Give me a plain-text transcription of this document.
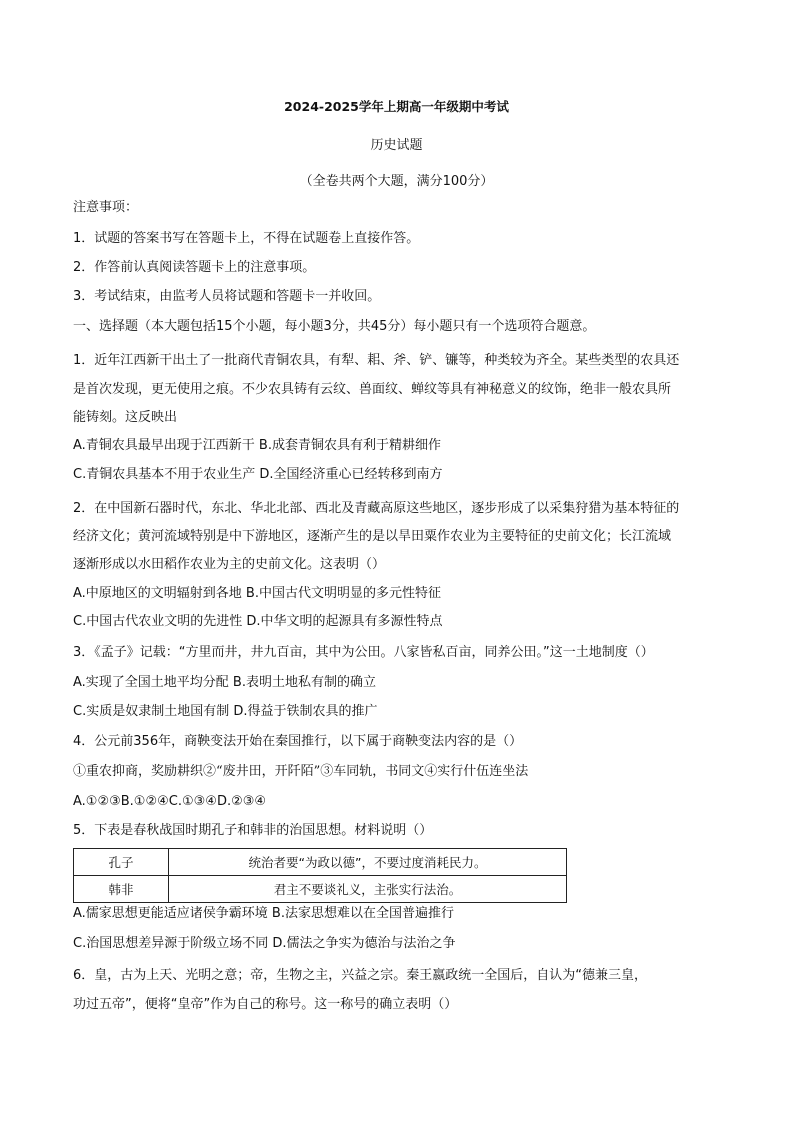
2024-2025学年上期高一年级期中考试
历史试题
（全卷共两个大题，满分100分）
注意事项：
1．试题的答案书写在答题卡上，不得在试题卷上直接作答。
2．作答前认真阅读答题卡上的注意事项。
3．考试结束，由监考人员将试题和答题卡一并收回。
一、选择题（本大题包括15个小题，每小题3分，共45分）每小题只有一个选项符合题意。
1．近年江西新干出土了一批商代青铜农具，有犁、耜、斧、铲、镰等，种类较为齐全。某些类型的农具还
是首次发现，更无使用之痕。不少农具铸有云纹、兽面纹、蝉纹等具有神秘意义的纹饰，绝非一般农具所
能铸刻。这反映出
A.青铜农具最早出现于江西新干 B.成套青铜农具有利于精耕细作
C.青铜农具基本不用于农业生产 D.全国经济重心已经转移到南方
2．在中国新石器时代，东北、华北北部、西北及青藏高原这些地区，逐步形成了以采集狩猎为基本特征的
经济文化；黄河流域特别是中下游地区，逐渐产生的是以旱田粟作农业为主要特征的史前文化；长江流域
逐渐形成以水田稻作农业为主的史前文化。这表明（）
A.中原地区的文明辐射到各地 B.中国古代文明明显的多元性特征
C.中国古代农业文明的先进性 D.中华文明的起源具有多源性特点
3．《孟子》记载：“方里而井，井九百亩，其中为公田。八家皆私百亩，同养公田。”这一土地制度（）
A.实现了全国土地平均分配 B.表明土地私有制的确立
C.实质是奴隶制土地国有制 D.得益于铁制农具的推广
4．公元前356年，商鞅变法开始在秦国推行，以下属于商鞅变法内容的是（）
①重农抑商，奖励耕织②“废井田，开阡陌”③车同轨，书同文④实行什伍连坐法
A.①②③B.①②④C.①③④D.②③④
5．下表是春秋战国时期孔子和韩非的治国思想。材料说明（）
孔子	统治者要“为政以德”，不要过度消耗民力。
韩非	君主不要谈礼义，主张实行法治。
A.儒家思想更能适应诸侯争霸环境 B.法家思想难以在全国普遍推行
C.治国思想差异源于阶级立场不同 D.儒法之争实为德治与法治之争
6．皇，古为上天、光明之意；帝，生物之主，兴益之宗。秦王嬴政统一全国后，自认为“德兼三皇，
功过五帝”，便将“皇帝”作为自己的称号。这一称号的确立表明（）
